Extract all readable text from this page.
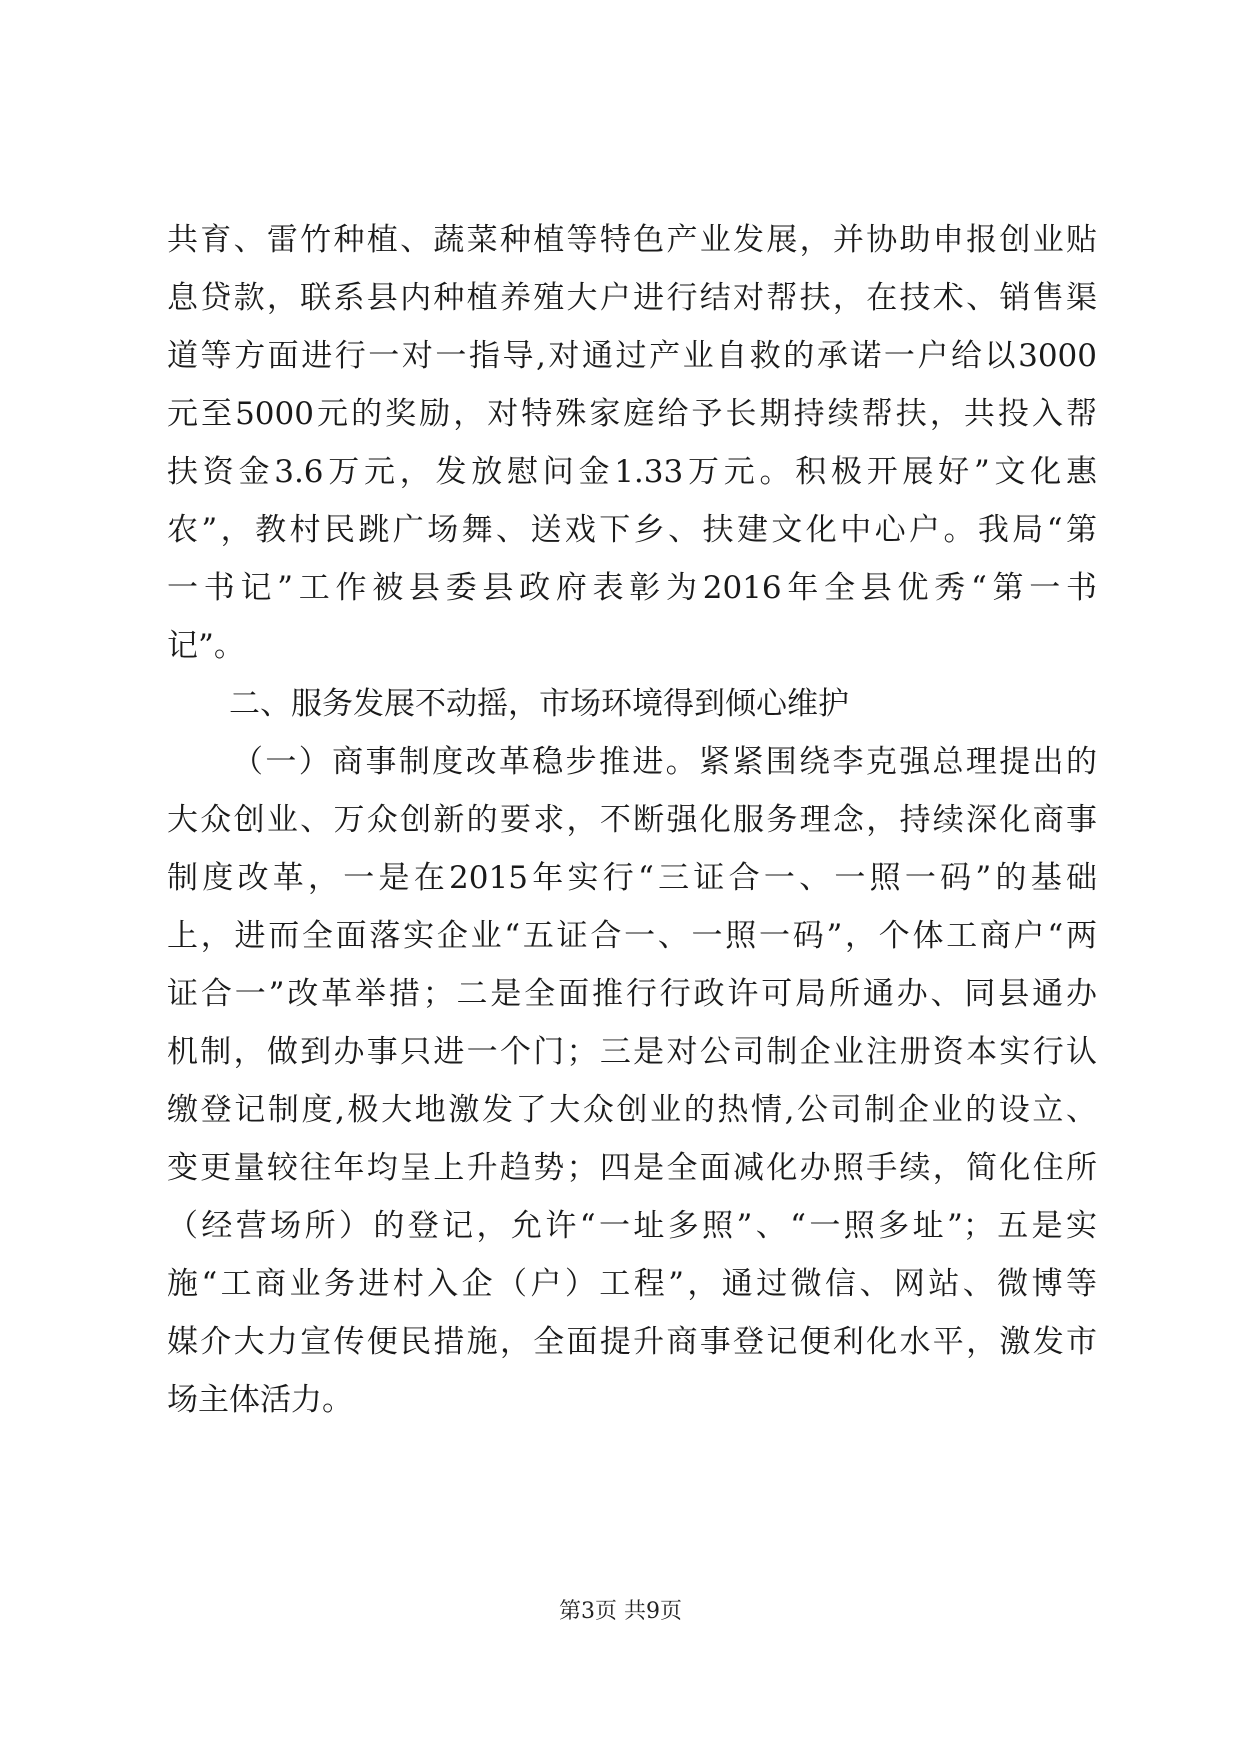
共育、雷竹种植、蔬菜种植等特色产业发展，并协助申报创业贴
息贷款，联系县内种植养殖大户进行结对帮扶，在技术、销售渠
道等方面进行一对一指导,对通过产业自救的承诺一户给以3000
元至5000元的奖励，对特殊家庭给予长期持续帮扶，共投入帮
扶资金3.6万元，发放慰问金1.33万元。积极开展好”文化惠
农”，教村民跳广场舞、送戏下乡、扶建文化中心户。我局“第
一书记”工作被县委县政府表彰为2016年全县优秀“第一书
记”。
二、服务发展不动摇，市场环境得到倾心维护
（一）商事制度改革稳步推进。紧紧围绕李克强总理提出的
大众创业、万众创新的要求，不断强化服务理念，持续深化商事
制度改革，一是在2015年实行“三证合一、一照一码”的基础
上，进而全面落实企业“五证合一、一照一码”，个体工商户“两
证合一”改革举措；二是全面推行行政许可局所通办、同县通办
机制，做到办事只进一个门；三是对公司制企业注册资本实行认
缴登记制度,极大地激发了大众创业的热情,公司制企业的设立、
变更量较往年均呈上升趋势；四是全面减化办照手续，简化住所
（经营场所）的登记，允许“一址多照”、“一照多址”；五是实
施“工商业务进村入企（户）工程”，通过微信、网站、微博等
媒介大力宣传便民措施，全面提升商事登记便利化水平，激发市
场主体活力。
第3页 共9页
